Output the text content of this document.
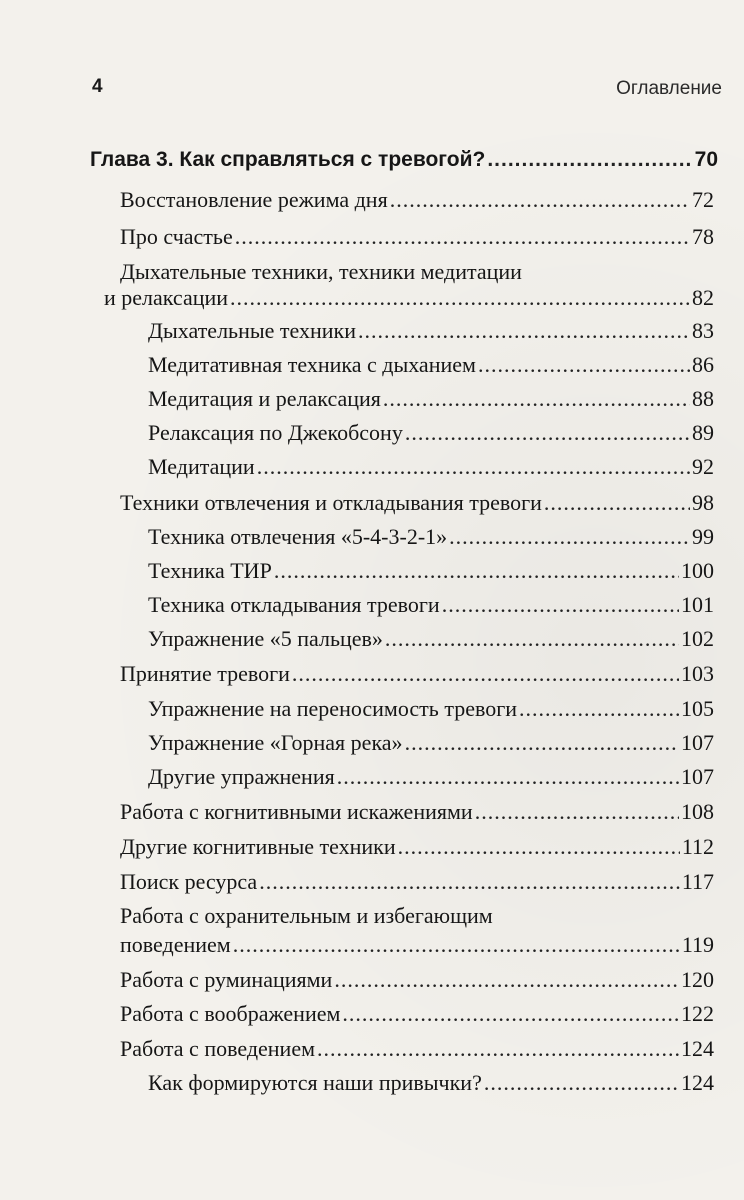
4	Оглавление
Глава 3. Как справляться с тревогой? .....	70
Восстановление режима дня .....	72
Про счастье .....	78
Дыхательные техники, техники медитации
и релаксации .....	82
Дыхательные техники .....	83
Медитативная техника с дыханием .....	86
Медитация и релаксация .....	88
Релаксация по Джекобсону .....	89
Медитации .....	92
Техники отвлечения и откладывания тревоги .....	98
Техника отвлечения «5-4-3-2-1» .....	99
Техника ТИР .....	100
Техника откладывания тревоги .....	101
Упражнение «5 пальцев» .....	102
Принятие тревоги .....	103
Упражнение на переносимость тревоги .....	105
Упражнение «Горная река» .....	107
Другие упражнения .....	107
Работа с когнитивными искажениями .....	108
Другие когнитивные техники .....	112
Поиск ресурса .....	117
Работа с охранительным и избегающим
поведением .....	119
Работа с руминациями .....	120
Работа с воображением .....	122
Работа с поведением .....	124
Как формируются наши привычки? .....	124
